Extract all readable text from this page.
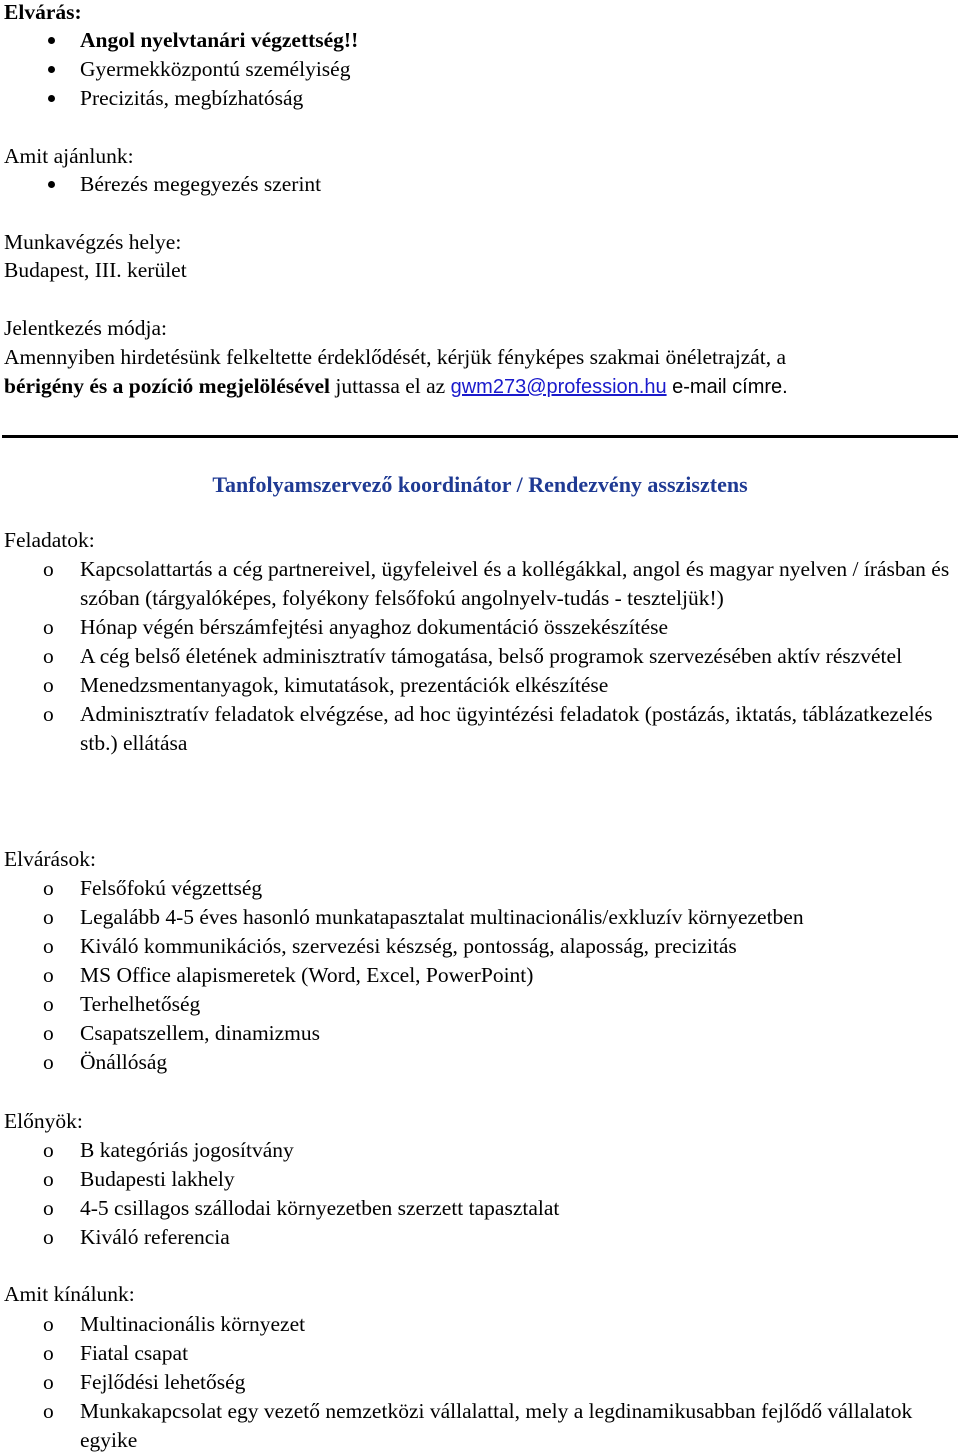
Elvárás:

Angol nyelvtanári végzettség!!
Gyermekközpontú személyiség
Precizitás, megbízhatóság

Amit ajánlunk:

Bérezés megegyezés szerint

Munkavégzés helye:

Budapest, III. kerület

Jelentkezés módja:

Amennyiben hirdetésünk felkeltette érdeklődését, kérjük fényképes szakmai önéletrajzát, a

bérigény és a pozíció megjelölésével juttassa el az gwm273@profession.hu e-mail címre.

Tanfolyamszervező koordinátor / Rendezvény asszisztens

Feladatok:

o Kapcsolattartás a cég partnereivel, ügyfeleivel és a kollégákkal, angol és magyar nyelven / írásban és szóban (tárgyalóképes, folyékony felsőfokú angolnyelv-tudás - teszteljük!)
o Hónap végén bérszámfejtési anyaghoz dokumentáció összekészítése
o A cég belső életének adminisztratív támogatása, belső programok szervezésében aktív részvétel
o Menedzsmentanyagok, kimutatások, prezentációk elkészítése
o Adminisztratív feladatok elvégzése, ad hoc ügyintézési feladatok (postázás, iktatás, táblázatkezelés stb.) ellátása

Elvárások:

o Felsőfokú végzettség
o Legalább 4-5 éves hasonló munkatapasztalat multinacionális/exkluzív környezetben
o Kiváló kommunikációs, szervezési készség, pontosság, alaposság, precizitás
o MS Office alapismeretek (Word, Excel, PowerPoint)
o Terhelhetőség
o Csapatszellem, dinamizmus
o Önállóság

Előnyök:

o B kategóriás jogosítvány
o Budapesti lakhely
o 4-5 csillagos szállodai környezetben szerzett tapasztalat
o Kiváló referencia

Amit kínálunk:

o Multinacionális környezet
o Fiatal csapat
o Fejlődési lehetőség
o Munkakapcsolat egy vezető nemzetközi vállalattal, mely a legdinamikusabban fejlődő vállalatok egyike
